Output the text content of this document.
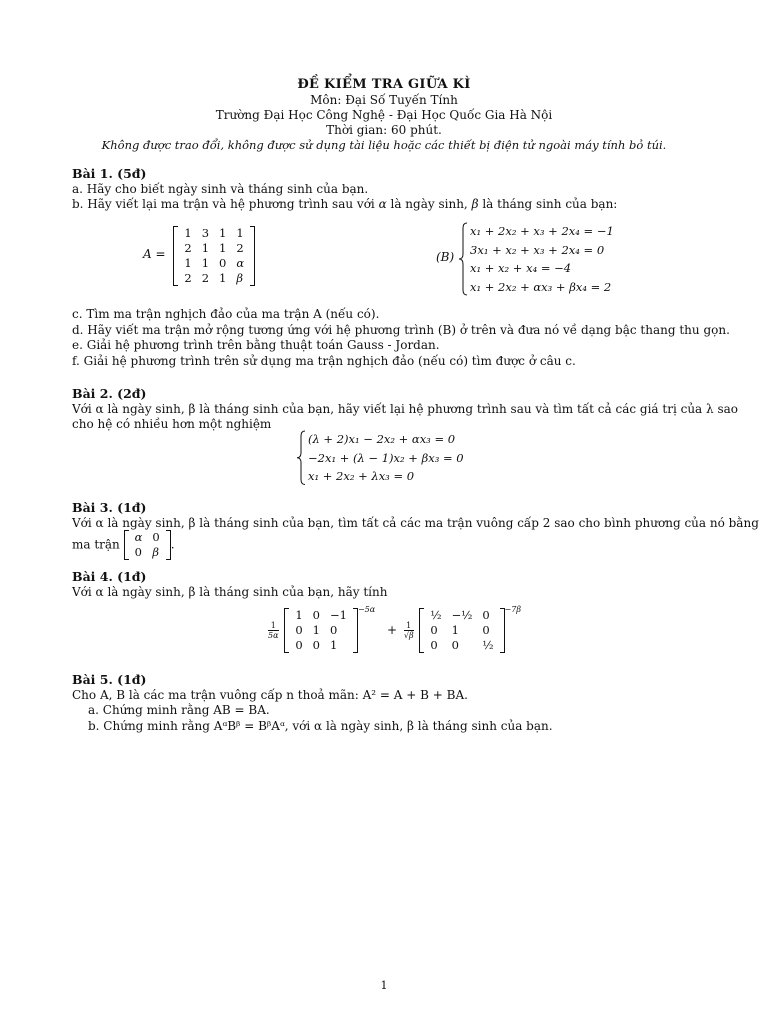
ĐỀ KIỂM TRA GIỮA KÌ
Môn: Đại Số Tuyến Tính
Trường Đại Học Công Nghệ - Đại Học Quốc Gia Hà Nội
Thời gian: 60 phút.
Không được trao đổi, không được sử dụng tài liệu hoặc các thiết bị điện tử ngoài máy tính bỏ túi.
Bài 1. (5đ)
a. Hãy cho biết ngày sinh và tháng sinh của bạn.
b. Hãy viết lại ma trận và hệ phương trình sau với α là ngày sinh, β là tháng sinh của bạn:
A =
1	3	1	1
2	1	1	2
1	1	0	α
2	2	1	β
(B)
x₁ + 2x₂ + x₃ + 2x₄ = −1
3x₁ + x₂ + x₃ + 2x₄ = 0
x₁ + x₂ + x₄ = −4
x₁ + 2x₂ + αx₃ + βx₄ = 2
c. Tìm ma trận nghịch đảo của ma trận A (nếu có).
d. Hãy viết ma trận mở rộng tương ứng với hệ phương trình (B) ở trên và đưa nó về dạng bậc thang thu gọn.
e. Giải hệ phương trình trên bằng thuật toán Gauss - Jordan.
f. Giải hệ phương trình trên sử dụng ma trận nghịch đảo (nếu có) tìm được ở câu c.
Bài 2. (2đ)
Với α là ngày sinh, β là tháng sinh của bạn, hãy viết lại hệ phương trình sau và tìm tất cả các giá trị của λ sao
cho hệ có nhiều hơn một nghiệm
(λ + 2)x₁ − 2x₂ + αx₃ = 0
−2x₁ + (λ − 1)x₂ + βx₃ = 0
x₁ + 2x₂ + λx₃ = 0
Bài 3. (1đ)
Với α là ngày sinh, β là tháng sinh của bạn, tìm tất cả các ma trận vuông cấp 2 sao cho bình phương của nó bằng
ma trận
α	0
0	β
.
Bài 4. (1đ)
Với α là ngày sinh, β là tháng sinh của bạn, hãy tính
$\frac{1}{5\alpha}$

1	0	−1
0	1	0
0	0	1
$^{-5\alpha} + \frac{1}{√\beta}$

½	−½	0
0	1	0
0	0	½
$^{-7\beta}$
Bài 5. (1đ)
Cho A, B là các ma trận vuông cấp n thoả mãn: A² = A + B + BA.
a. Chứng minh rằng AB = BA.
b. Chứng minh rằng AᵅBᵝ = BᵝAᵅ, với α là ngày sinh, β là tháng sinh của bạn.
1
